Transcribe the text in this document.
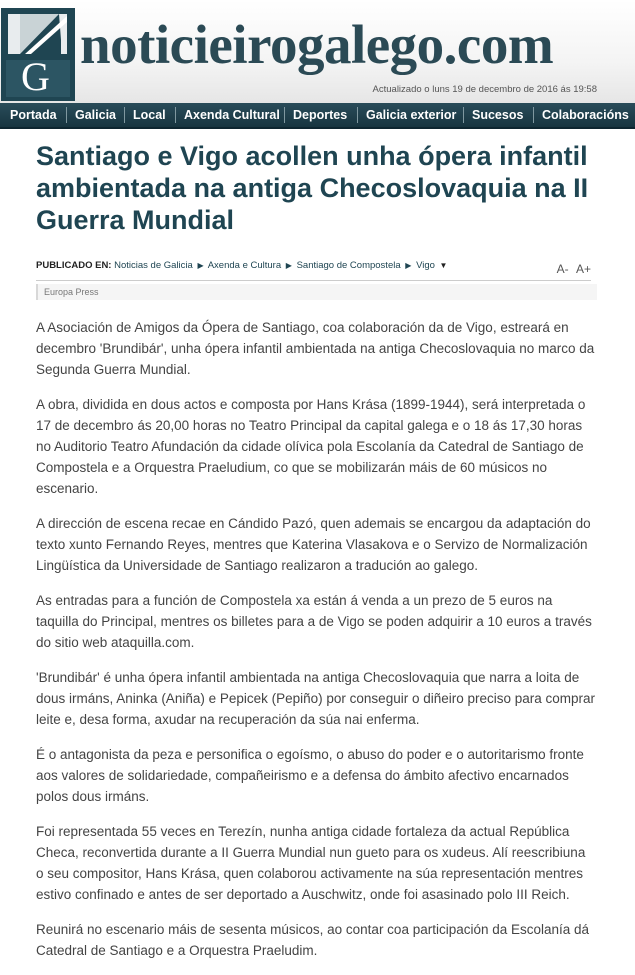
G
noticieirogalego.com
Actualizado o luns 19 de decembro de 2016 ás 19:58
Portada Galicia Local Axenda Cultural Deportes Galicia exterior Sucesos Colaboracións
Santiago e Vigo acollen unha ópera infantil ambientada na antiga Checoslovaquia na II Guerra Mundial
PUBLICADO EN: Noticias de Galicia ▶ Axenda e Cultura ▶ Santiago de Compostela ▶ Vigo ▼	A- A+
Europa Press

A Asociación de Amigos da Ópera de Santiago, coa colaboración da de Vigo, estreará en decembro 'Brundibár', unha ópera infantil ambientada na antiga Checoslovaquia no marco da Segunda Guerra Mundial.

A obra, dividida en dous actos e composta por Hans Krása (1899-1944), será interpretada o 17 de decembro ás 20,00 horas no Teatro Principal da capital galega e o 18 ás 17,30 horas no Auditorio Teatro Afundación da cidade olívica pola Escolanía da Catedral de Santiago de Compostela e a Orquestra Praeludium, co que se mobilizarán máis de 60 músicos no escenario.

A dirección de escena recae en Cándido Pazó, quen ademais se encargou da adaptación do texto xunto Fernando Reyes, mentres que Katerina Vlasakova e o Servizo de Normalización Lingüística da Universidade de Santiago realizaron a tradución ao galego.

As entradas para a función de Compostela xa están á venda a un prezo de 5 euros na taquilla do Principal, mentres os billetes para a de Vigo se poden adquirir a 10 euros a través do sitio web ataquilla.com.

'Brundibár' é unha ópera infantil ambientada na antiga Checoslovaquia que narra a loita de dous irmáns, Aninka (Aniña) e Pepicek (Pepiño) por conseguir o diñeiro preciso para comprar leite e, desa forma, axudar na recuperación da súa nai enferma.

É o antagonista da peza e personifica o egoísmo, o abuso do poder e o autoritarismo fronte aos valores de solidariedade, compañeirismo e a defensa do ámbito afectivo encarnados polos dous irmáns.

Foi representada 55 veces en Terezín, nunha antiga cidade fortaleza da actual República Checa, reconvertida durante a II Guerra Mundial nun gueto para os xudeus. Alí reescribiuna o seu compositor, Hans Krása, quen colaborou activamente na súa representación mentres estivo confinado e antes de ser deportado a Auschwitz, onde foi asasinado polo III Reich.

Reunirá no escenario máis de sesenta músicos, ao contar coa participación da Escolanía dá Catedral de Santiago e a Orquestra Praeludim.
